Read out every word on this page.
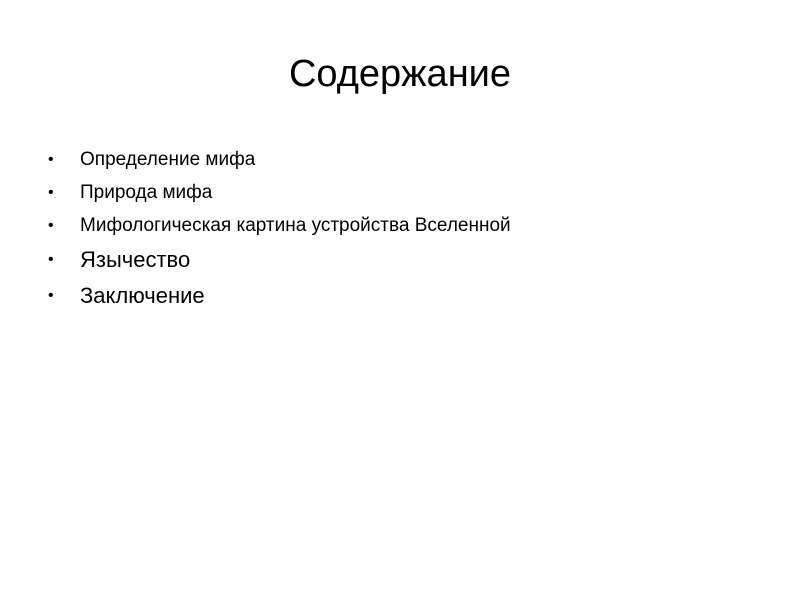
Содержание
• Определение мифа
• Природа мифа
• Мифологическая картина устройства Вселенной
• Язычество
• Заключение
